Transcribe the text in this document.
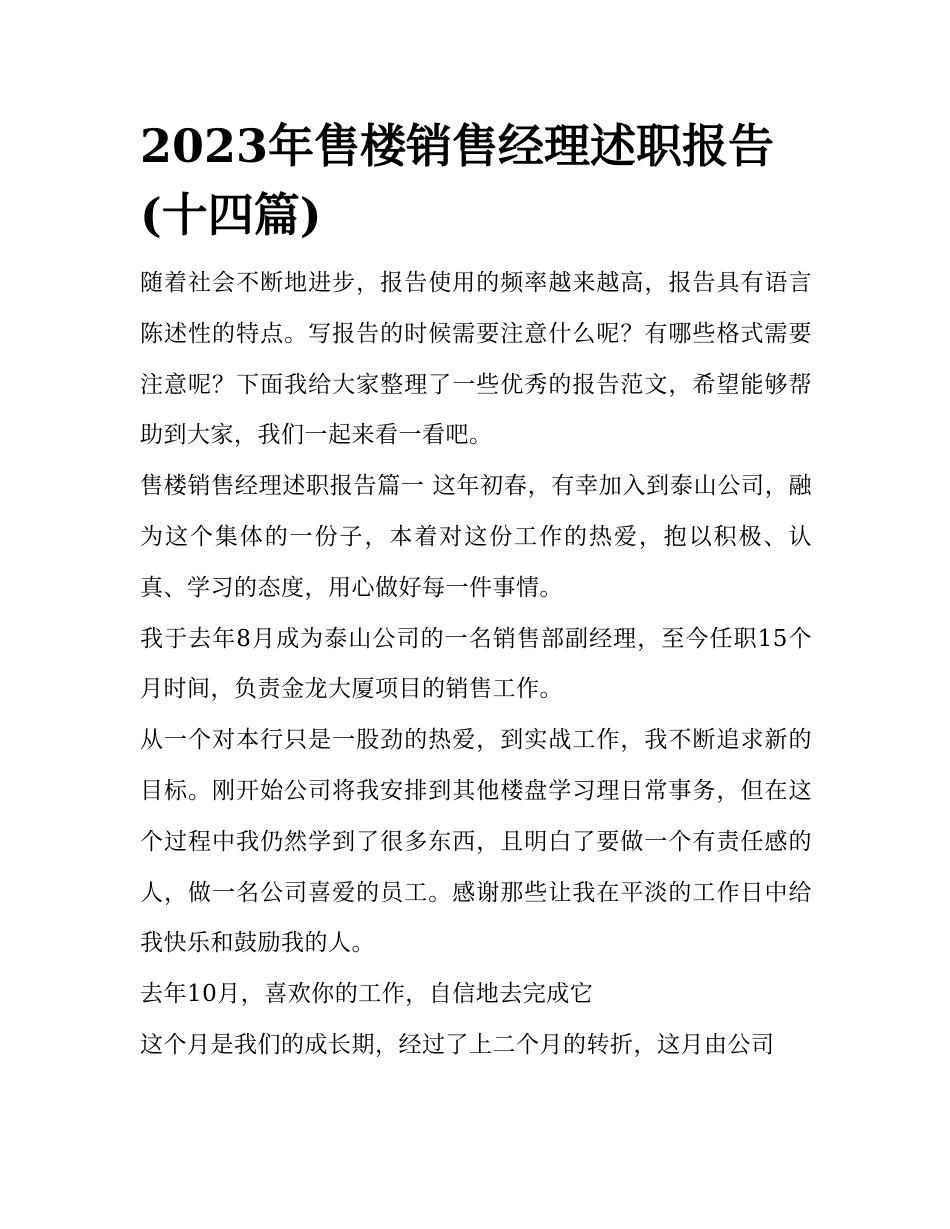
2023年售楼销售经理述职报告(十四篇)

随着社会不断地进步，报告使用的频率越来越高，报告具有语言陈述性的特点。写报告的时候需要注意什么呢？有哪些格式需要注意呢？下面我给大家整理了一些优秀的报告范文，希望能够帮助到大家，我们一起来看一看吧。

售楼销售经理述职报告篇一 这年初春，有幸加入到泰山公司，融为这个集体的一份子，本着对这份工作的热爱，抱以积极、认真、学习的态度，用心做好每一件事情。

我于去年8月成为泰山公司的一名销售部副经理，至今任职15个月时间，负责金龙大厦项目的销售工作。

从一个对本行只是一股劲的热爱，到实战工作，我不断追求新的目标。刚开始公司将我安排到其他楼盘学习理日常事务，但在这个过程中我仍然学到了很多东西，且明白了要做一个有责任感的人，做一名公司喜爱的员工。感谢那些让我在平淡的工作日中给我快乐和鼓励我的人。

去年10月，喜欢你的工作，自信地去完成它

这个月是我们的成长期，经过了上二个月的转折，这月由公司
